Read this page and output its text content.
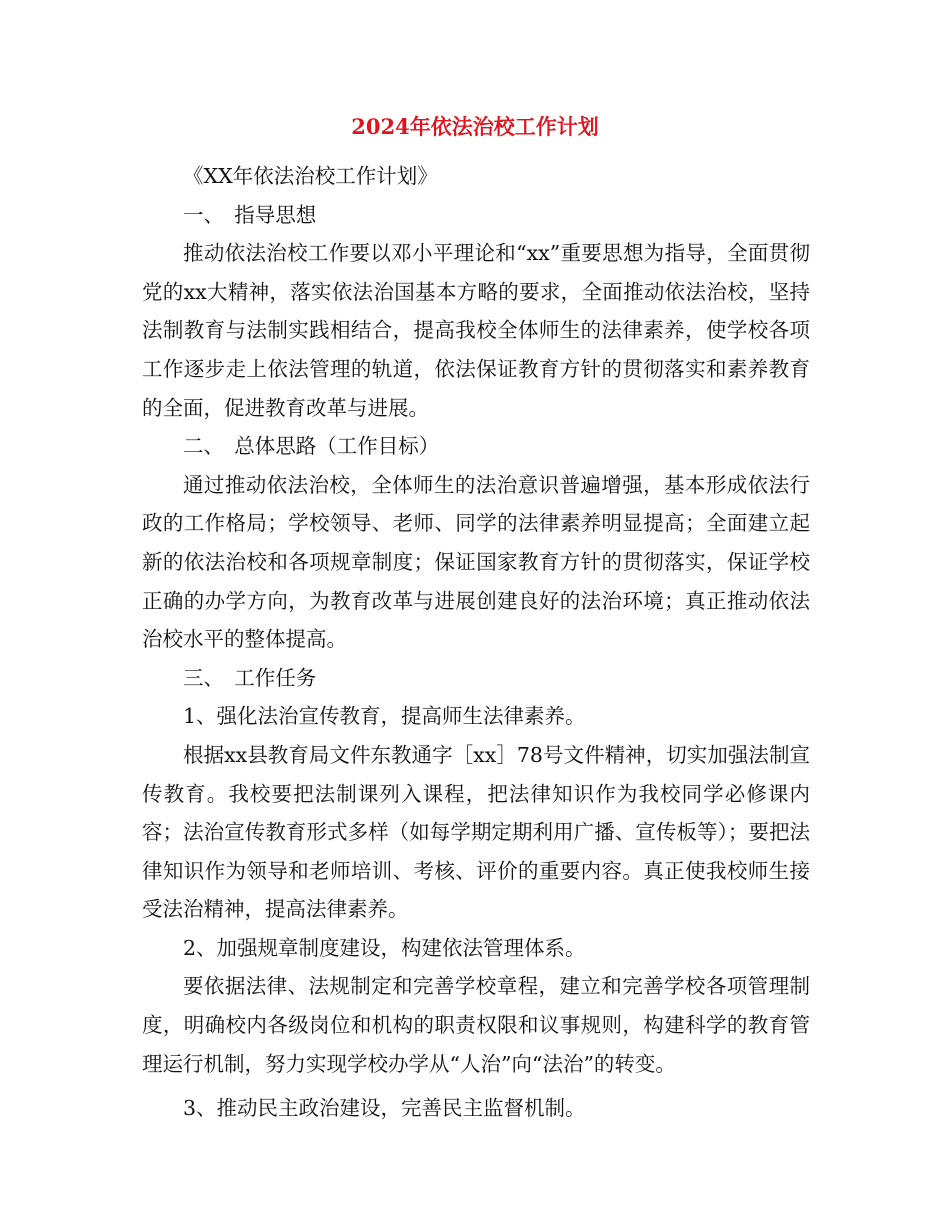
2024年依法治校工作计划

《XX年依法治校工作计划》

一、　指导思想

推动依法治校工作要以邓小平理论和“xx”重要思想为指导，全面贯彻党的xx大精神，落实依法治国基本方略的要求，全面推动依法治校，坚持法制教育与法制实践相结合，提高我校全体师生的法律素养，使学校各项工作逐步走上依法管理的轨道，依法保证教育方针的贯彻落实和素养教育的全面，促进教育改革与进展。

二、　总体思路（工作目标）

通过推动依法治校，全体师生的法治意识普遍增强，基本形成依法行政的工作格局；学校领导、老师、同学的法律素养明显提高；全面建立起新的依法治校和各项规章制度；保证国家教育方针的贯彻落实，保证学校正确的办学方向，为教育改革与进展创建良好的法治环境；真正推动依法治校水平的整体提高。

三、　工作任务

1、强化法治宣传教育，提高师生法律素养。

根据xx县教育局文件东教通字［xx］78号文件精神，切实加强法制宣传教育。我校要把法制课列入课程，把法律知识作为我校同学必修课内容；法治宣传教育形式多样（如每学期定期利用广播、宣传板等）；要把法律知识作为领导和老师培训、考核、评价的重要内容。真正使我校师生接受法治精神，提高法律素养。

2、加强规章制度建设，构建依法管理体系。

要依据法律、法规制定和完善学校章程，建立和完善学校各项管理制度，明确校内各级岗位和机构的职责权限和议事规则，构建科学的教育管理运行机制，努力实现学校办学从“人治”向“法治”的转变。

3、推动民主政治建设，完善民主监督机制。
